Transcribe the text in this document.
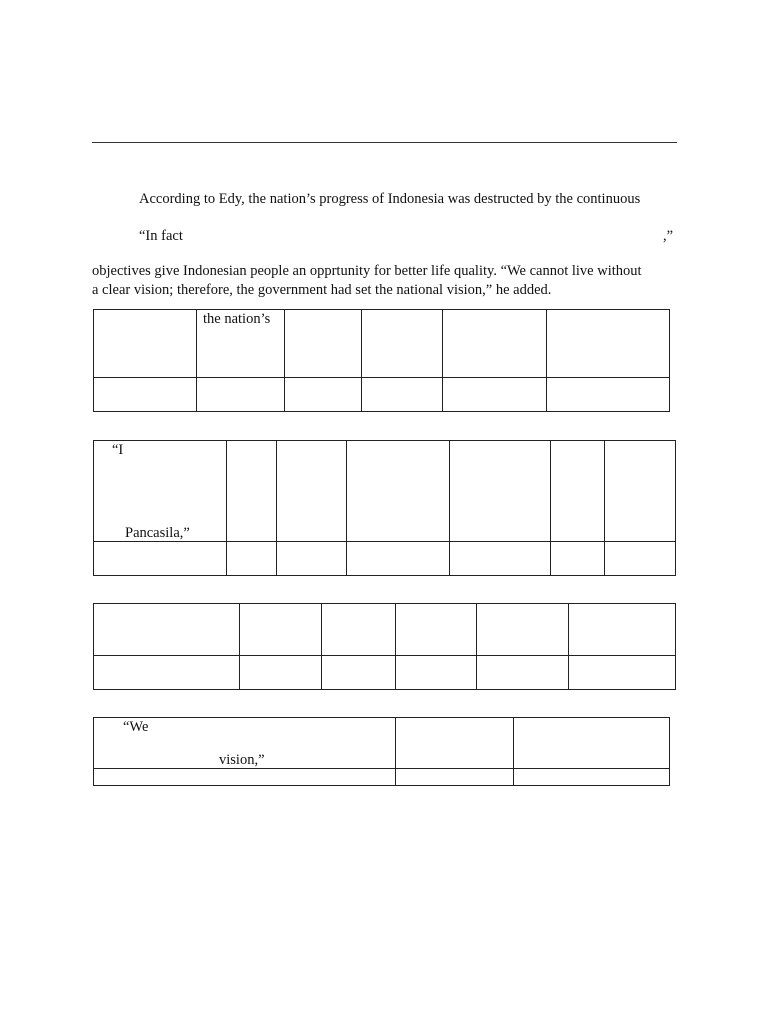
According to Edy, the nation’s progress of Indonesia was destructed by the continuous
“In fact	,”
objectives give Indonesian people an opprtunity for better life quality. “We cannot live without
a clear vision; therefore, the government had set the national vision,” he added.

	the nation’s				

“I
Pancasila,”						

“We
vision,”		
